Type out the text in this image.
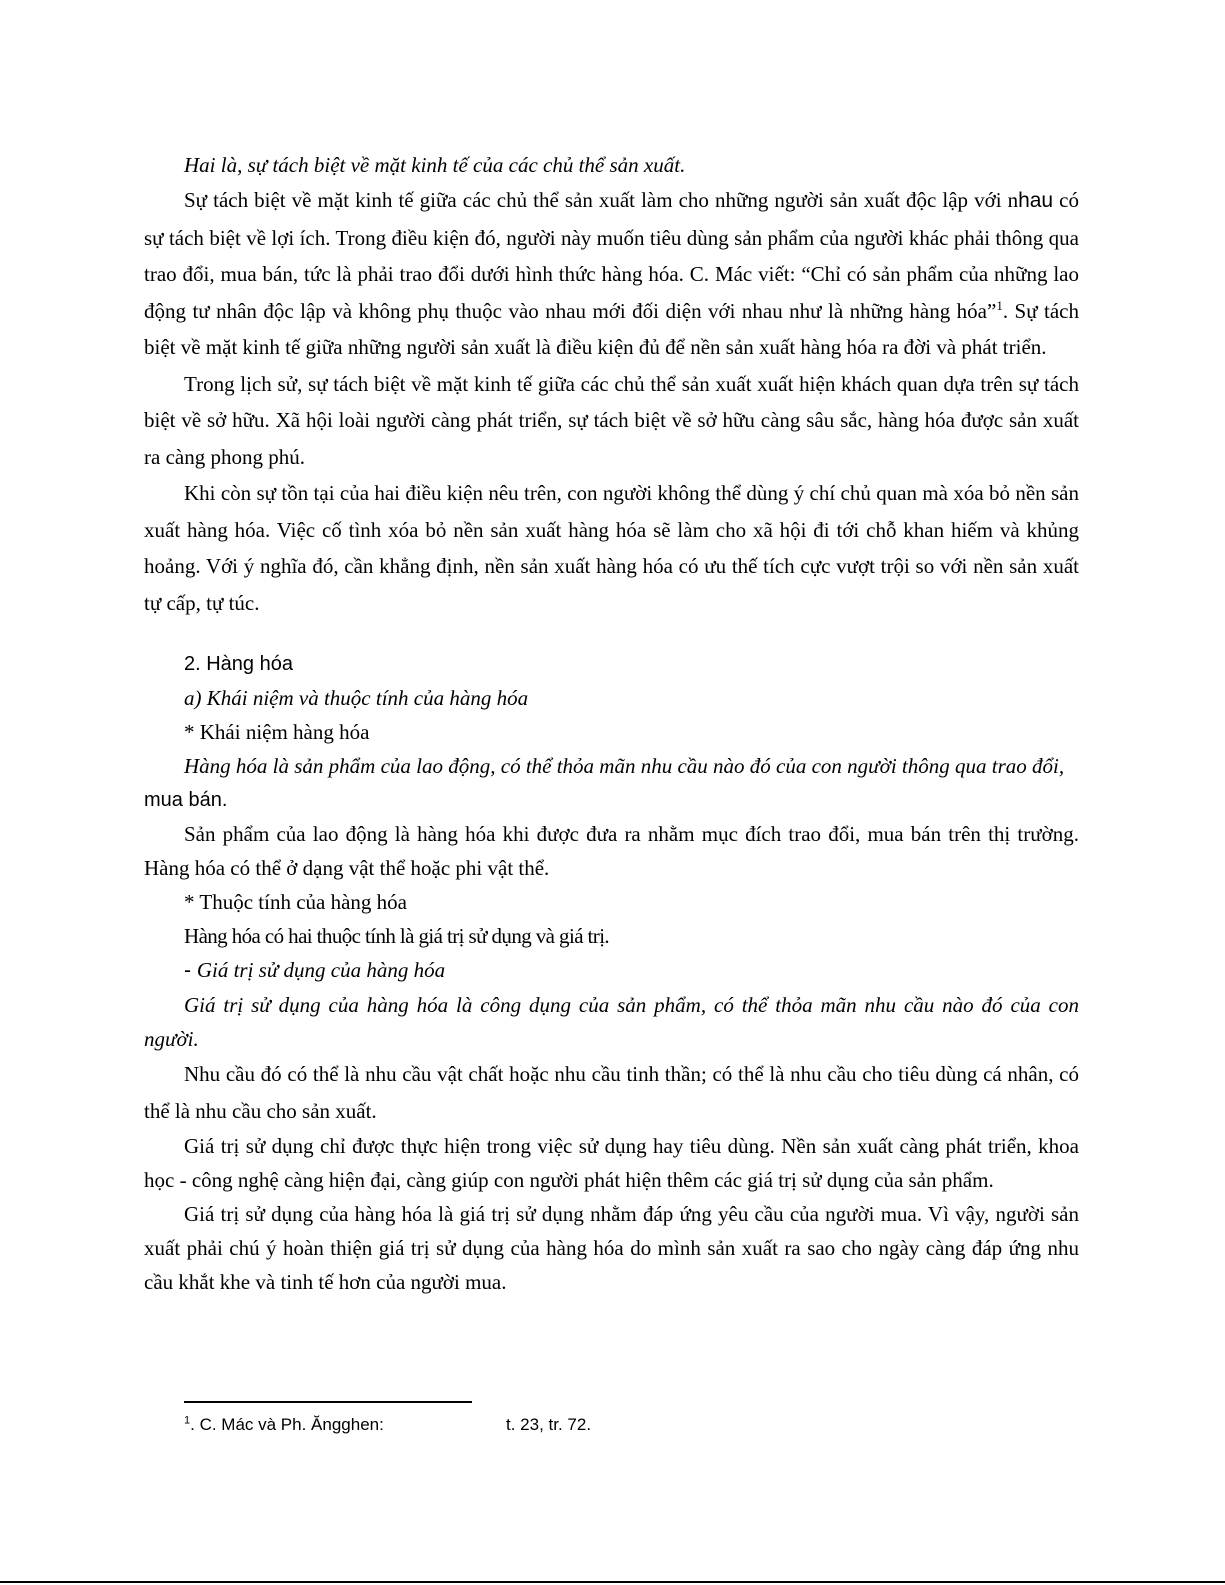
Hai là, sự tách biệt về mặt kinh tế của các chủ thể sản xuất.

Sự tách biệt về mặt kinh tế giữa các chủ thể sản xuất làm cho những người sản xuất độc lập với nhau có sự tách biệt về lợi ích. Trong điều kiện đó, người này muốn tiêu dùng sản phẩm của người khác phải thông qua trao đổi, mua bán, tức là phải trao đổi dưới hình thức hàng hóa. C. Mác viết: “Chỉ có sản phẩm của những lao động tư nhân độc lập và không phụ thuộc vào nhau mới đối diện với nhau như là những hàng hóa”$^1$. Sự tách biệt về mặt kinh tế giữa những người sản xuất là điều kiện đủ để nền sản xuất hàng hóa ra đời và phát triển.

Trong lịch sử, sự tách biệt về mặt kinh tế giữa các chủ thể sản xuất xuất hiện khách quan dựa trên sự tách biệt về sở hữu. Xã hội loài người càng phát triển, sự tách biệt về sở hữu càng sâu sắc, hàng hóa được sản xuất ra càng phong phú.

Khi còn sự tồn tại của hai điều kiện nêu trên, con người không thể dùng ý chí chủ quan mà xóa bỏ nền sản xuất hàng hóa. Việc cố tình xóa bỏ nền sản xuất hàng hóa sẽ làm cho xã hội đi tới chỗ khan hiếm và khủng hoảng. Với ý nghĩa đó, cần khẳng định, nền sản xuất hàng hóa có ưu thế tích cực vượt trội so với nền sản xuất tự cấp, tự túc.

2. Hàng hóa

a) Khái niệm và thuộc tính của hàng hóa

* Khái niệm hàng hóa

Hàng hóa là sản phẩm của lao động, có thể thỏa mãn nhu cầu nào đó của con người thông qua trao đổi,

mua bán.

Sản phẩm của lao động là hàng hóa khi được đưa ra nhằm mục đích trao đổi, mua bán trên thị trường. Hàng hóa có thể ở dạng vật thể hoặc phi vật thể.

* Thuộc tính của hàng hóa

Hàng hóa có hai thuộc tính là giá trị sử dụng và giá trị.

- Giá trị sử dụng của hàng hóa

Giá trị sử dụng của hàng hóa là công dụng của sản phẩm, có thể thỏa mãn nhu cầu nào đó của con người.

Nhu cầu đó có thể là nhu cầu vật chất hoặc nhu cầu tinh thần; có thể là nhu cầu cho tiêu dùng cá nhân, có thể là nhu cầu cho sản xuất.

Giá trị sử dụng chỉ được thực hiện trong việc sử dụng hay tiêu dùng. Nền sản xuất càng phát triển, khoa học - công nghệ càng hiện đại, càng giúp con người phát hiện thêm các giá trị sử dụng của sản phẩm.

Giá trị sử dụng của hàng hóa là giá trị sử dụng nhằm đáp ứng yêu cầu của người mua. Vì vậy, người sản xuất phải chú ý hoàn thiện giá trị sử dụng của hàng hóa do mình sản xuất ra sao cho ngày càng đáp ứng nhu cầu khắt khe và tinh tế hơn của người mua.

$^1$. C. Mác và Ph. Ăngghen:	t. 23, tr. 72.
